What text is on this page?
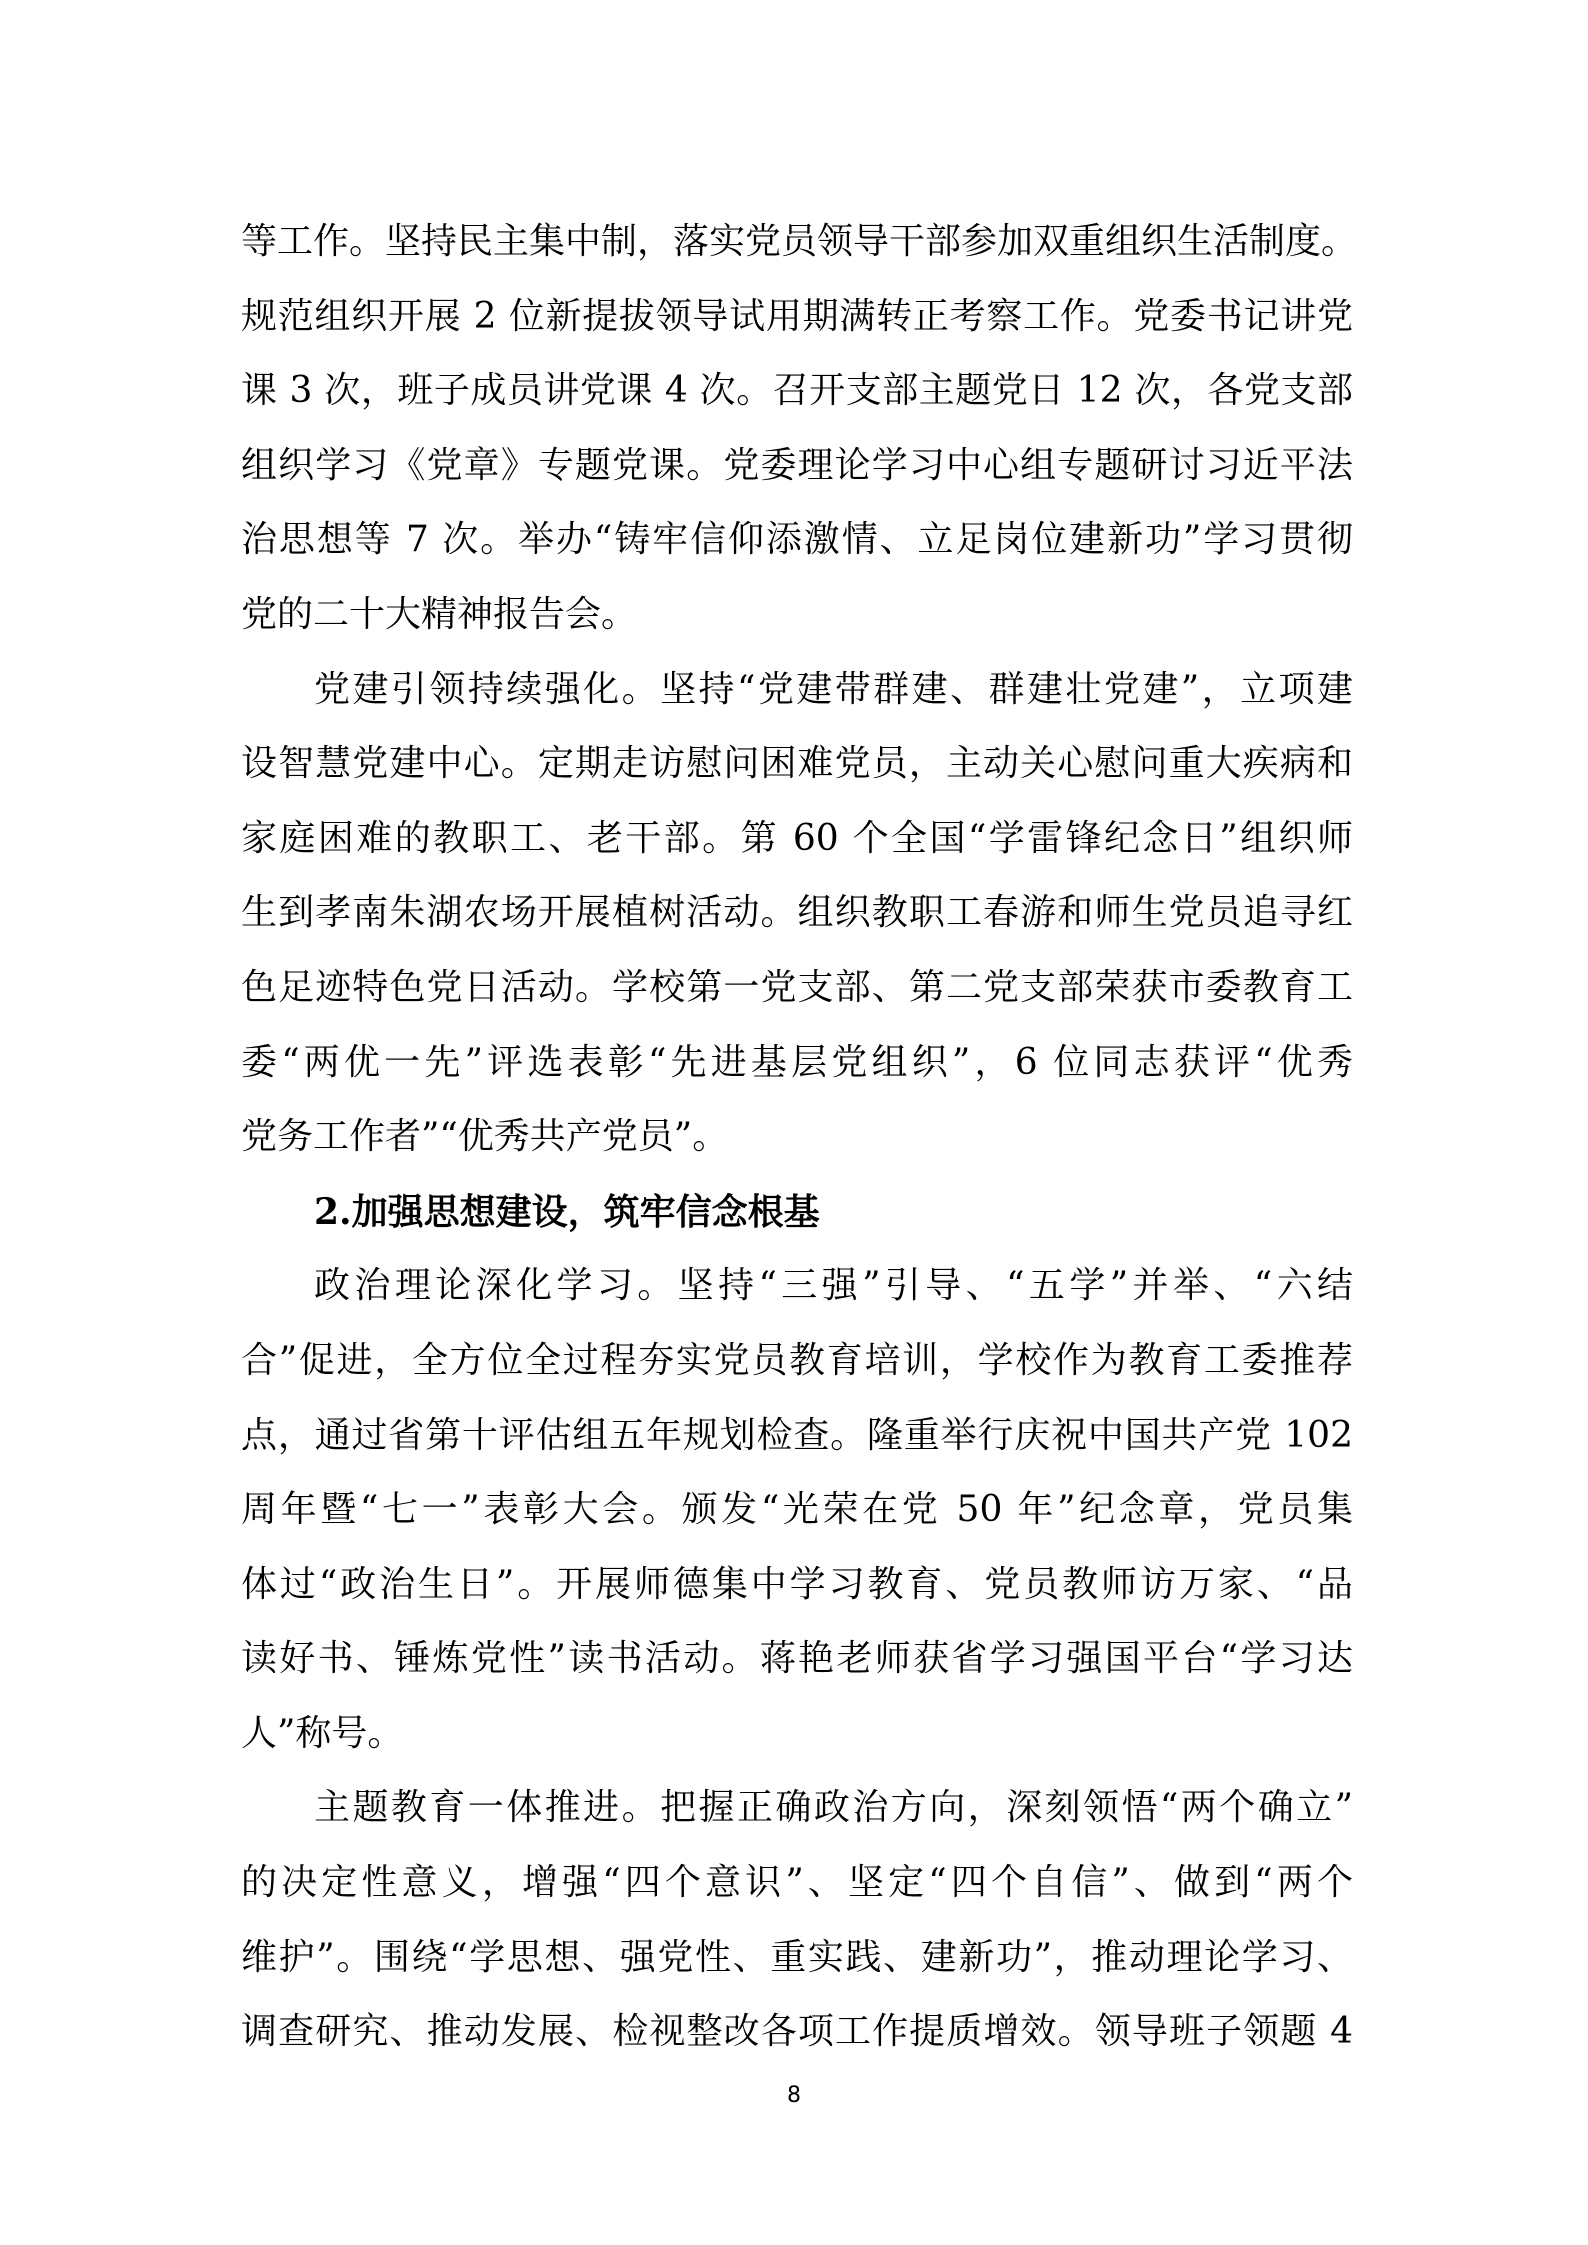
等工作。坚持民主集中制，落实党员领导干部参加双重组织生活制度。

规范组织开展 2 位新提拔领导试用期满转正考察工作。党委书记讲党

课 3 次，班子成员讲党课 4 次。召开支部主题党日 12 次，各党支部

组织学习《党章》专题党课。党委理论学习中心组专题研讨习近平法

治思想等 7 次。举办“铸牢信仰添激情、立足岗位建新功”学习贯彻

党的二十大精神报告会。

党建引领持续强化。坚持“党建带群建、群建壮党建”，立项建

设智慧党建中心。定期走访慰问困难党员，主动关心慰问重大疾病和

家庭困难的教职工、老干部。第 60 个全国“学雷锋纪念日”组织师

生到孝南朱湖农场开展植树活动。组织教职工春游和师生党员追寻红

色足迹特色党日活动。学校第一党支部、第二党支部荣获市委教育工

委“两优一先”评选表彰“先进基层党组织”，6 位同志获评“优秀

党务工作者”“优秀共产党员”。

2.加强思想建设，筑牢信念根基

政治理论深化学习。坚持“三强”引导、“五学”并举、“六结

合”促进，全方位全过程夯实党员教育培训，学校作为教育工委推荐

点，通过省第十评估组五年规划检查。隆重举行庆祝中国共产党 102

周年暨“七一”表彰大会。颁发“光荣在党 50 年”纪念章，党员集

体过“政治生日”。开展师德集中学习教育、党员教师访万家、“品

读好书、锤炼党性”读书活动。蒋艳老师获省学习强国平台“学习达

人”称号。

主题教育一体推进。把握正确政治方向，深刻领悟“两个确立”

的决定性意义，增强“四个意识”、坚定“四个自信”、做到“两个

维护”。围绕“学思想、强党性、重实践、建新功”，推动理论学习、

调查研究、推动发展、检视整改各项工作提质增效。领导班子领题 4

8
